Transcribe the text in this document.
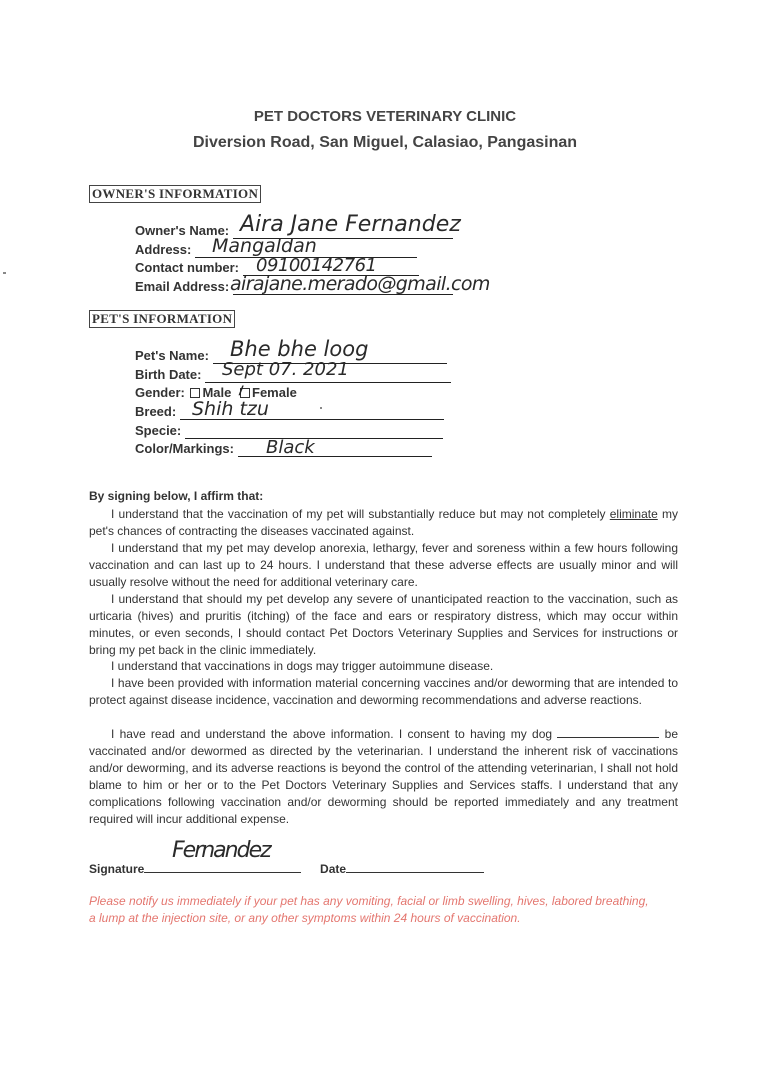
PET DOCTORS VETERINARY CLINIC
Diversion Road, San Miguel, Calasiao, Pangasinan
OWNER'S INFORMATION
Owner's Name: Aira Jane Fernandez
Address:	Mangaldan
Contact number: 09100142761
Email Address: airajane.merado@gmail.com
PET'S INFORMATION
Pet's Name:	Bhe bhe loog
Birth Date:	Sept 07. 2021
Gender: Male / Female
Breed: Shih tzu
Specie:
Color/Markings:	Black
By signing below, I affirm that:
I understand that the vaccination of my pet will substantially reduce but may not completely eliminate my pet's chances of contracting the diseases vaccinated against.
I understand that my pet may develop anorexia, lethargy, fever and soreness within a few hours following vaccination and can last up to 24 hours. I understand that these adverse effects are usually minor and will usually resolve without the need for additional veterinary care.
I understand that should my pet develop any severe of unanticipated reaction to the vaccination, such as urticaria (hives) and pruritis (itching) of the face and ears or respiratory distress, which may occur within minutes, or even seconds, I should contact Pet Doctors Veterinary Supplies and Services for instructions or bring my pet back in the clinic immediately.
I understand that vaccinations in dogs may trigger autoimmune disease.
I have been provided with information material concerning vaccines and/or deworming that are intended to protect against disease incidence, vaccination and deworming recommendations and adverse reactions.
I have read and understand the above information. I consent to having my dog	be vaccinated and/or dewormed as directed by the veterinarian. I understand the inherent risk of vaccinations and/or deworming, and its adverse reactions is beyond the control of the attending veterinarian, I shall not hold blame to him or her or to the Pet Doctors Veterinary Supplies and Services staffs. I understand that any complications following vaccination and/or deworming should be reported immediately and any treatment required will incur additional expense.
Signature	Date
Fernandez
Please notify us immediately if your pet has any vomiting, facial or limb swelling, hives, labored breathing, a lump at the injection site, or any other symptoms within 24 hours of vaccination.
